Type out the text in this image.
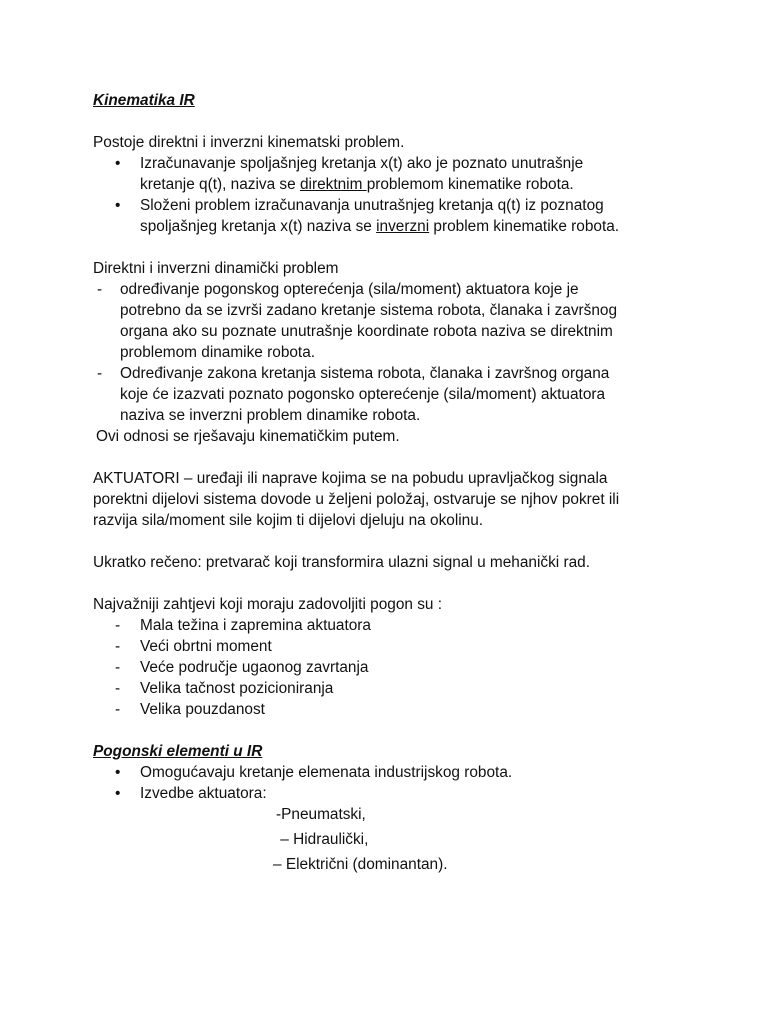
Kinematika IR
Postoje direktni i inverzni kinematski problem.
• Izračunavanje spoljašnjeg kretanja x(t) ako je poznato unutrašnje
kretanje q(t), naziva se direktnim problemom kinematike robota.
• Složeni problem izračunavanja unutrašnjeg kretanja q(t) iz poznatog
spoljašnjeg kretanja x(t) naziva se inverzni problem kinematike robota.
Direktni i inverzni dinamički problem
- određivanje pogonskog opterećenja (sila/moment) aktuatora koje je
potrebno da se izvrši zadano kretanje sistema robota, članaka i završnog
organa ako su poznate unutrašnje koordinate robota naziva se direktnim
problemom dinamike robota.
- Određivanje zakona kretanja sistema robota, članaka i završnog organa
koje će izazvati poznato pogonsko opterećenje (sila/moment) aktuatora
naziva se inverzni problem dinamike robota.
Ovi odnosi se rješavaju kinematičkim putem.
AKTUATORI – uređaji ili naprave kojima se na pobudu upravljačkog signala
porektni dijelovi sistema dovode u željeni položaj, ostvaruje se njhov pokret ili
razvija sila/moment sile kojim ti dijelovi djeluju na okolinu.
Ukratko rečeno: pretvarač koji transformira ulazni signal u mehanički rad.
Najvažniji zahtjevi koji moraju zadovoljiti pogon su :
- Mala težina i zapremina aktuatora
- Veći obrtni moment
- Veće područje ugaonog zavrtanja
- Velika tačnost pozicioniranja
- Velika pouzdanost
Pogonski elementi u IR
• Omogućavaju kretanje elemenata industrijskog robota.
• Izvedbe aktuatora:
-Pneumatski,
– Hidraulički,
– Električni (dominantan).
